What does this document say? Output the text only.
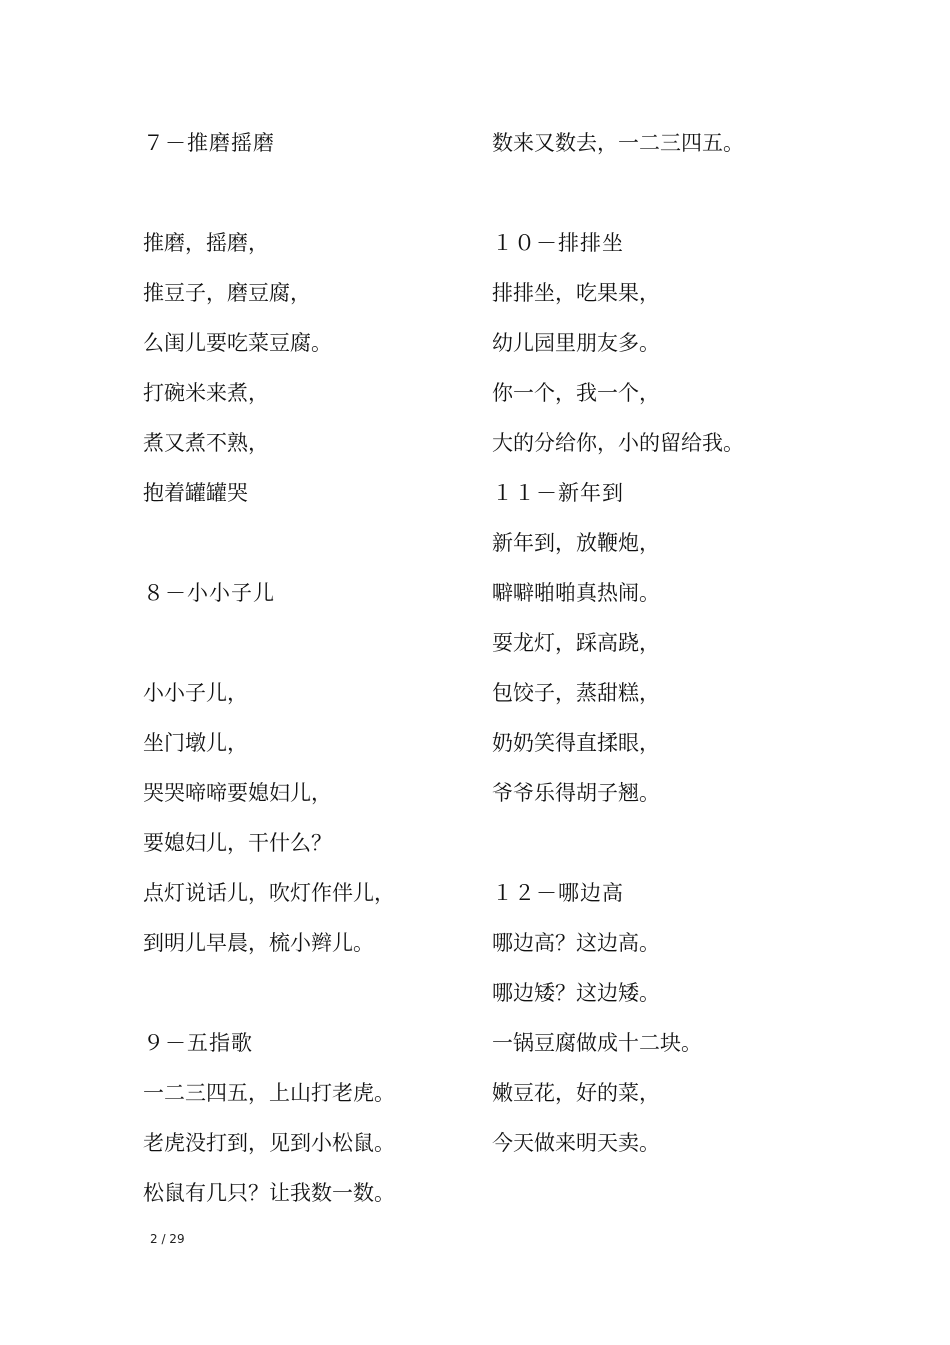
７－推磨摇磨
推磨，摇磨，
推豆子，磨豆腐，
么闺儿要吃菜豆腐。
打碗米来煮，
煮又煮不熟，
抱着罐罐哭
８－小小子儿
小小子儿，
坐门墩儿，
哭哭啼啼要媳妇儿，
要媳妇儿，干什么？
点灯说话儿，吹灯作伴儿，
到明儿早晨，梳小辫儿。
９－五指歌
一二三四五，上山打老虎。
老虎没打到，见到小松鼠。
松鼠有几只？让我数一数。
数来又数去，一二三四五。
１０－排排坐
排排坐，吃果果，
幼儿园里朋友多。
你一个，我一个，
大的分给你，小的留给我。
１１－新年到
新年到，放鞭炮，
噼噼啪啪真热闹。
耍龙灯，踩高跷，
包饺子，蒸甜糕，
奶奶笑得直揉眼，
爷爷乐得胡子翘。
１２－哪边高
哪边高？这边高。
哪边矮？这边矮。
一锅豆腐做成十二块。
嫩豆花，好的菜，
今天做来明天卖。
2 / 29
